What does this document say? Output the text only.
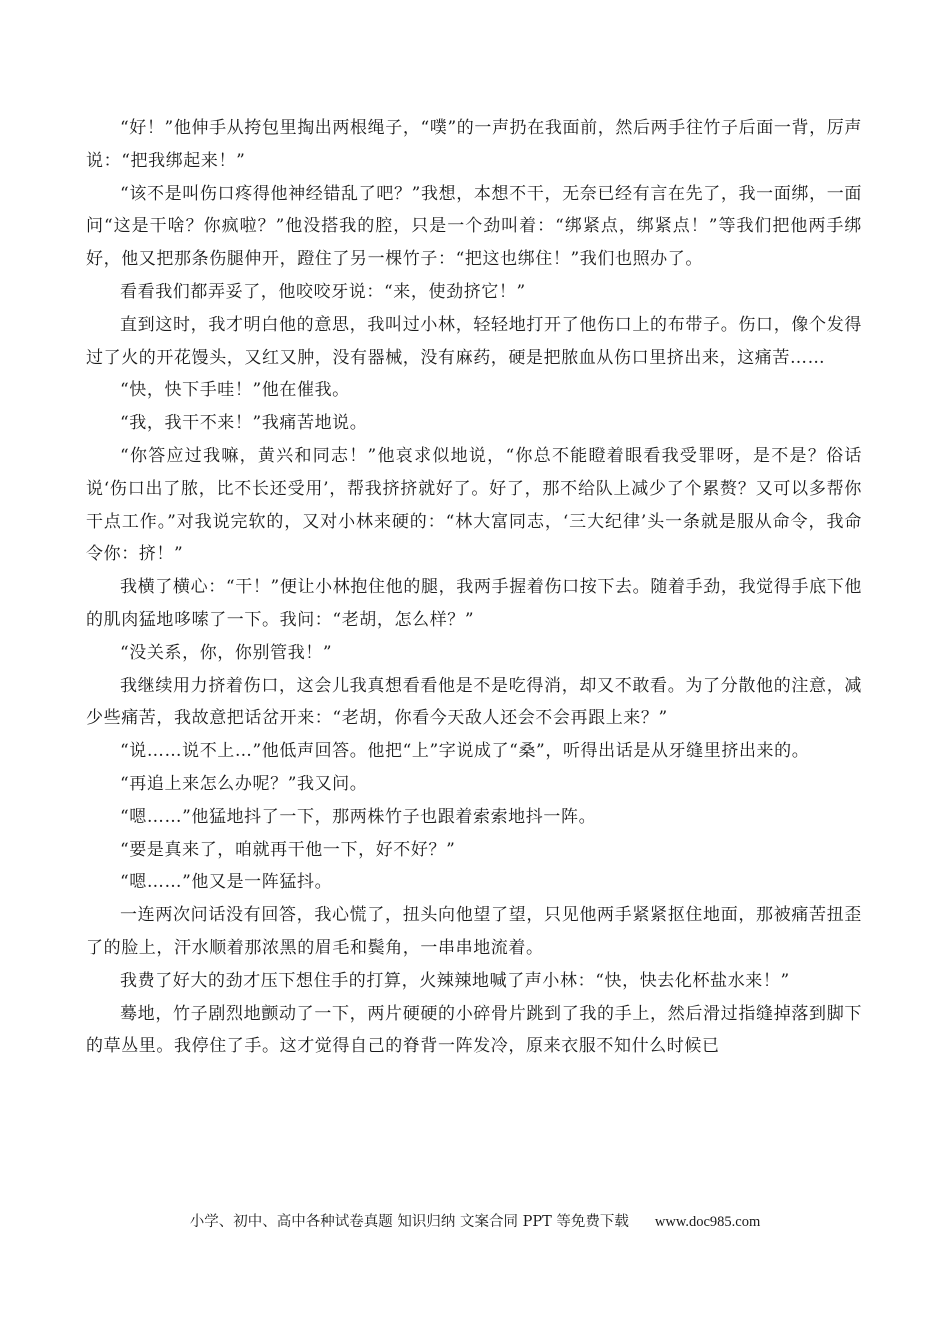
“好！”他伸手从挎包里掏出两根绳子，“噗”的一声扔在我面前，然后两手往竹子后面一背，厉声说：“把我绑起来！”

“该不是叫伤口疼得他神经错乱了吧？”我想，本想不干，无奈已经有言在先了，我一面绑，一面问“这是干啥？你疯啦？”他没搭我的腔，只是一个劲叫着：“绑紧点，绑紧点！”等我们把他两手绑好，他又把那条伤腿伸开，蹬住了另一棵竹子：“把这也绑住！”我们也照办了。

看看我们都弄妥了，他咬咬牙说：“来，使劲挤它！”

直到这时，我才明白他的意思，我叫过小林，轻轻地打开了他伤口上的布带子。伤口，像个发得过了火的开花馒头，又红又肿，没有器械，没有麻药，硬是把脓血从伤口里挤出来，这痛苦……

“快，快下手哇！”他在催我。

“我，我干不来！”我痛苦地说。

“你答应过我嘛，黄兴和同志！”他哀求似地说，“你总不能瞪着眼看我受罪呀，是不是？俗话说‘伤口出了脓，比不长还受用’，帮我挤挤就好了。好了，那不给队上减少了个累赘？又可以多帮你干点工作。”对我说完软的，又对小林来硬的：“林大富同志，‘三大纪律’头一条就是服从命令，我命令你：挤！”

我横了横心：“干！”便让小林抱住他的腿，我两手握着伤口按下去。随着手劲，我觉得手底下他的肌肉猛地哆嗦了一下。我问：“老胡，怎么样？”

“没关系，你，你别管我！”

我继续用力挤着伤口，这会儿我真想看看他是不是吃得消，却又不敢看。为了分散他的注意，减少些痛苦，我故意把话岔开来：“老胡，你看今天敌人还会不会再跟上来？”

“说……说不上…”他低声回答。他把“上”字说成了“桑”，听得出话是从牙缝里挤出来的。

“再追上来怎么办呢？”我又问。

“嗯……”他猛地抖了一下，那两株竹子也跟着索索地抖一阵。

“要是真来了，咱就再干他一下，好不好？”

“嗯……”他又是一阵猛抖。

一连两次问话没有回答，我心慌了，扭头向他望了望，只见他两手紧紧抠住地面，那被痛苦扭歪了的脸上，汗水顺着那浓黑的眉毛和鬓角，一串串地流着。

我费了好大的劲才压下想住手的打算，火辣辣地喊了声小林：“快，快去化杯盐水来！”

蓦地，竹子剧烈地颤动了一下，两片硬硬的小碎骨片跳到了我的手上，然后滑过指缝掉落到脚下的草丛里。我停住了手。这才觉得自己的脊背一阵发冷，原来衣服不知什么时候已

小学、初中、高中各种试卷真题 知识归纳 文案合同 PPT 等免费下载 www.doc985.com
